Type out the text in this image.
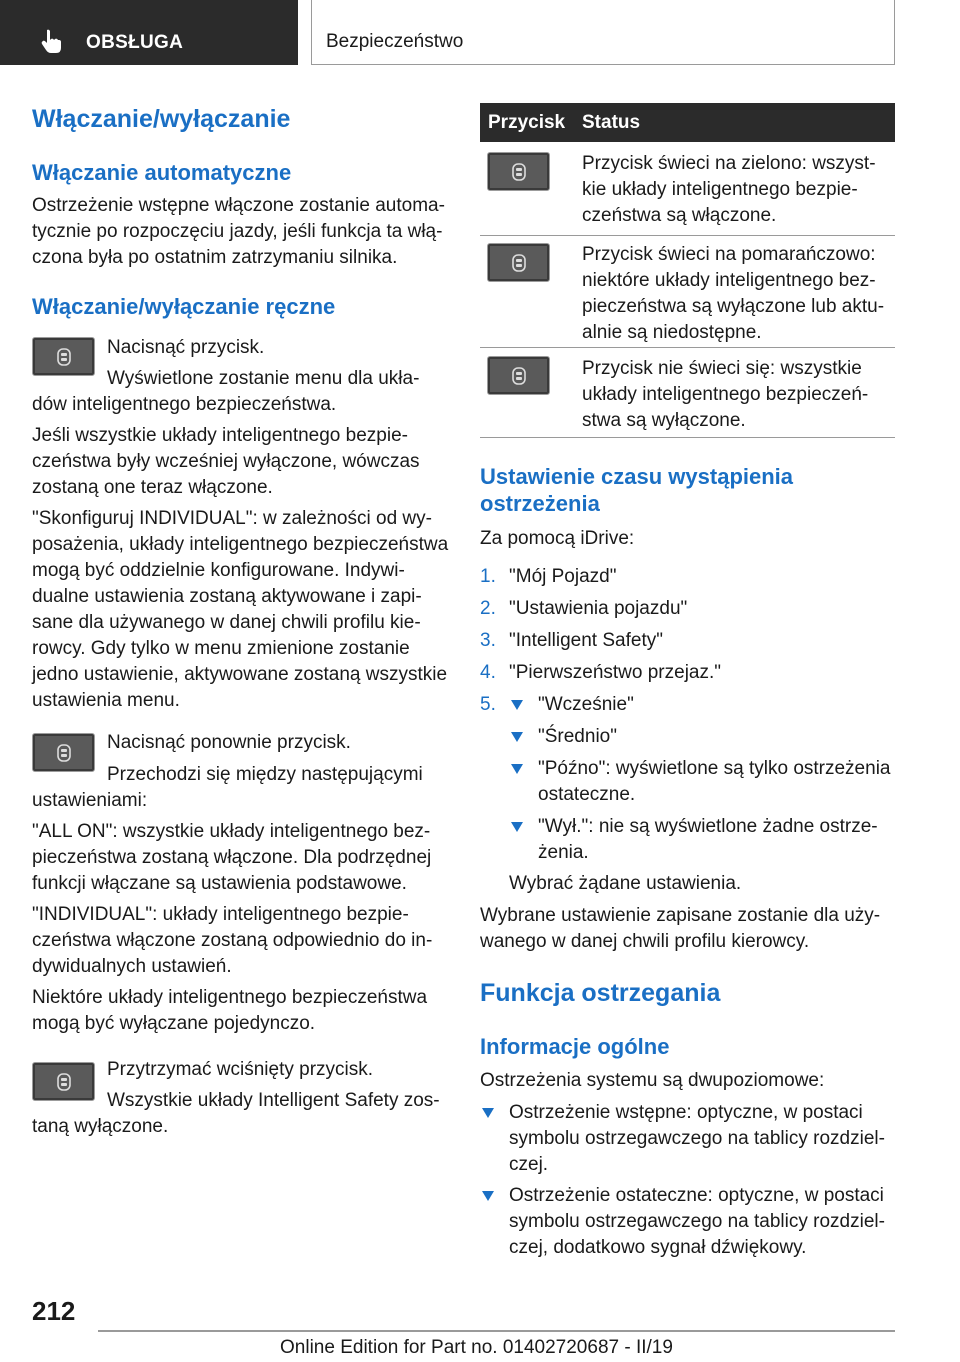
OBSŁUGA	Bezpieczeństwo
Włączanie/wyłączanie
Włączanie automatyczne
Ostrzeżenie wstępne włączone zostanie automa-
tycznie po rozpoczęciu jazdy, jeśli funkcja ta włą-
czona była po ostatnim zatrzymaniu silnika.
Włączanie/wyłączanie ręczne
Nacisnąć przycisk.
Wyświetlone zostanie menu dla ukła-
dów inteligentnego bezpieczeństwa.
Jeśli wszystkie układy inteligentnego bezpie-
czeństwa były wcześniej wyłączone, wówczas
zostaną one teraz włączone.
"Skonfiguruj INDIVIDUAL": w zależności od wy-
posażenia, układy inteligentnego bezpieczeństwa
mogą być oddzielnie konfigurowane. Indywi-
dualne ustawienia zostaną aktywowane i zapi-
sane dla używanego w danej chwili profilu kie-
rowcy. Gdy tylko w menu zmienione zostanie
jedno ustawienie, aktywowane zostaną wszystkie
ustawienia menu.
Nacisnąć ponownie przycisk.
Przechodzi się między następującymi
ustawieniami:
"ALL ON": wszystkie układy inteligentnego bez-
pieczeństwa zostaną włączone. Dla podrzędnej
funkcji włączane są ustawienia podstawowe.
"INDIVIDUAL": układy inteligentnego bezpie-
czeństwa włączone zostaną odpowiednio do in-
dywidualnych ustawień.
Niektóre układy inteligentnego bezpieczeństwa
mogą być wyłączane pojedynczo.
Przytrzymać wciśnięty przycisk.
Wszystkie układy Intelligent Safety zos-
taną wyłączone.
Przycisk Status
Przycisk świeci na zielono: wszyst-
kie układy inteligentnego bezpie-
czeństwa są włączone.
Przycisk świeci na pomarańczowo:
niektóre układy inteligentnego bez-
pieczeństwa są wyłączone lub aktu-
alnie są niedostępne.
Przycisk nie świeci się: wszystkie
układy inteligentnego bezpieczeń-
stwa są wyłączone.
Ustawienie czasu wystąpienia
ostrzeżenia
Za pomocą iDrive:
1. "Mój Pojazd"
2. "Ustawienia pojazdu"
3. "Intelligent Safety"
4. "Pierwszeństwo przejaz."
5. "Wcześnie"
"Średnio"
"Późno": wyświetlone są tylko ostrzeżenia
ostateczne.
"Wył.": nie są wyświetlone żadne ostrze-
żenia.
Wybrać żądane ustawienia.
Wybrane ustawienie zapisane zostanie dla uży-
wanego w danej chwili profilu kierowcy.
Funkcja ostrzegania
Informacje ogólne
Ostrzeżenia systemu są dwupoziomowe:
Ostrzeżenie wstępne: optyczne, w postaci
symbolu ostrzegawczego na tablicy rozdziel-
czej.
Ostrzeżenie ostateczne: optyczne, w postaci
symbolu ostrzegawczego na tablicy rozdziel-
czej, dodatkowo sygnał dźwiękowy.
212
Online Edition for Part no. 01402720687 - II/19
